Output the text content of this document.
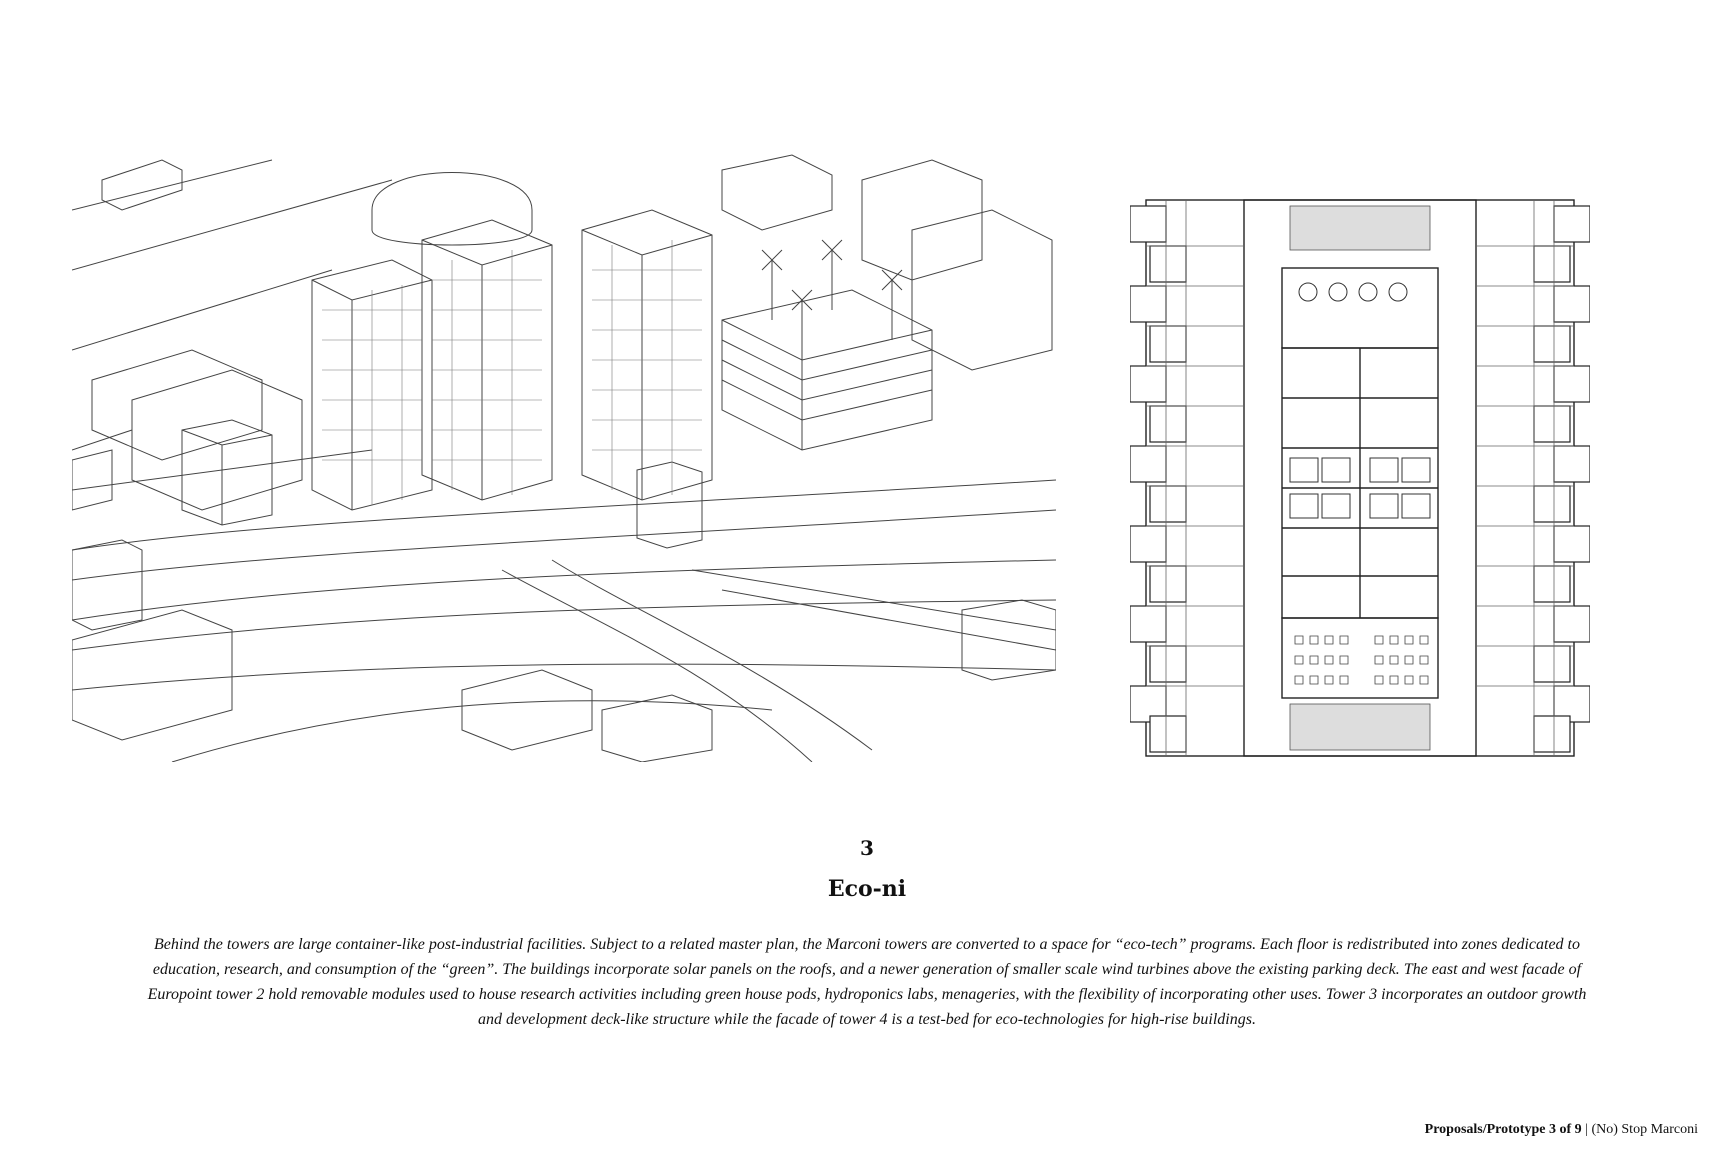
3
Eco-ni
Behind the towers are large container-like post-industrial facilities. Subject to a related master plan, the Marconi towers are converted to a space for “eco-tech” programs. Each floor is redistributed into zones dedicated to education, research, and consumption of the “green”. The buildings incorporate solar panels on the roofs, and a newer generation of smaller scale wind turbines above the existing parking deck. The east and west facade of Europoint tower 2 hold removable modules used to house research activities including green house pods, hydroponics labs, menageries, with the flexibility of incorporating other uses. Tower 3 incorporates an outdoor growth and development deck-like structure while the facade of tower 4 is a test-bed for eco-technologies for high-rise buildings.
Proposals/Prototype 3 of 9 | (No) Stop Marconi
